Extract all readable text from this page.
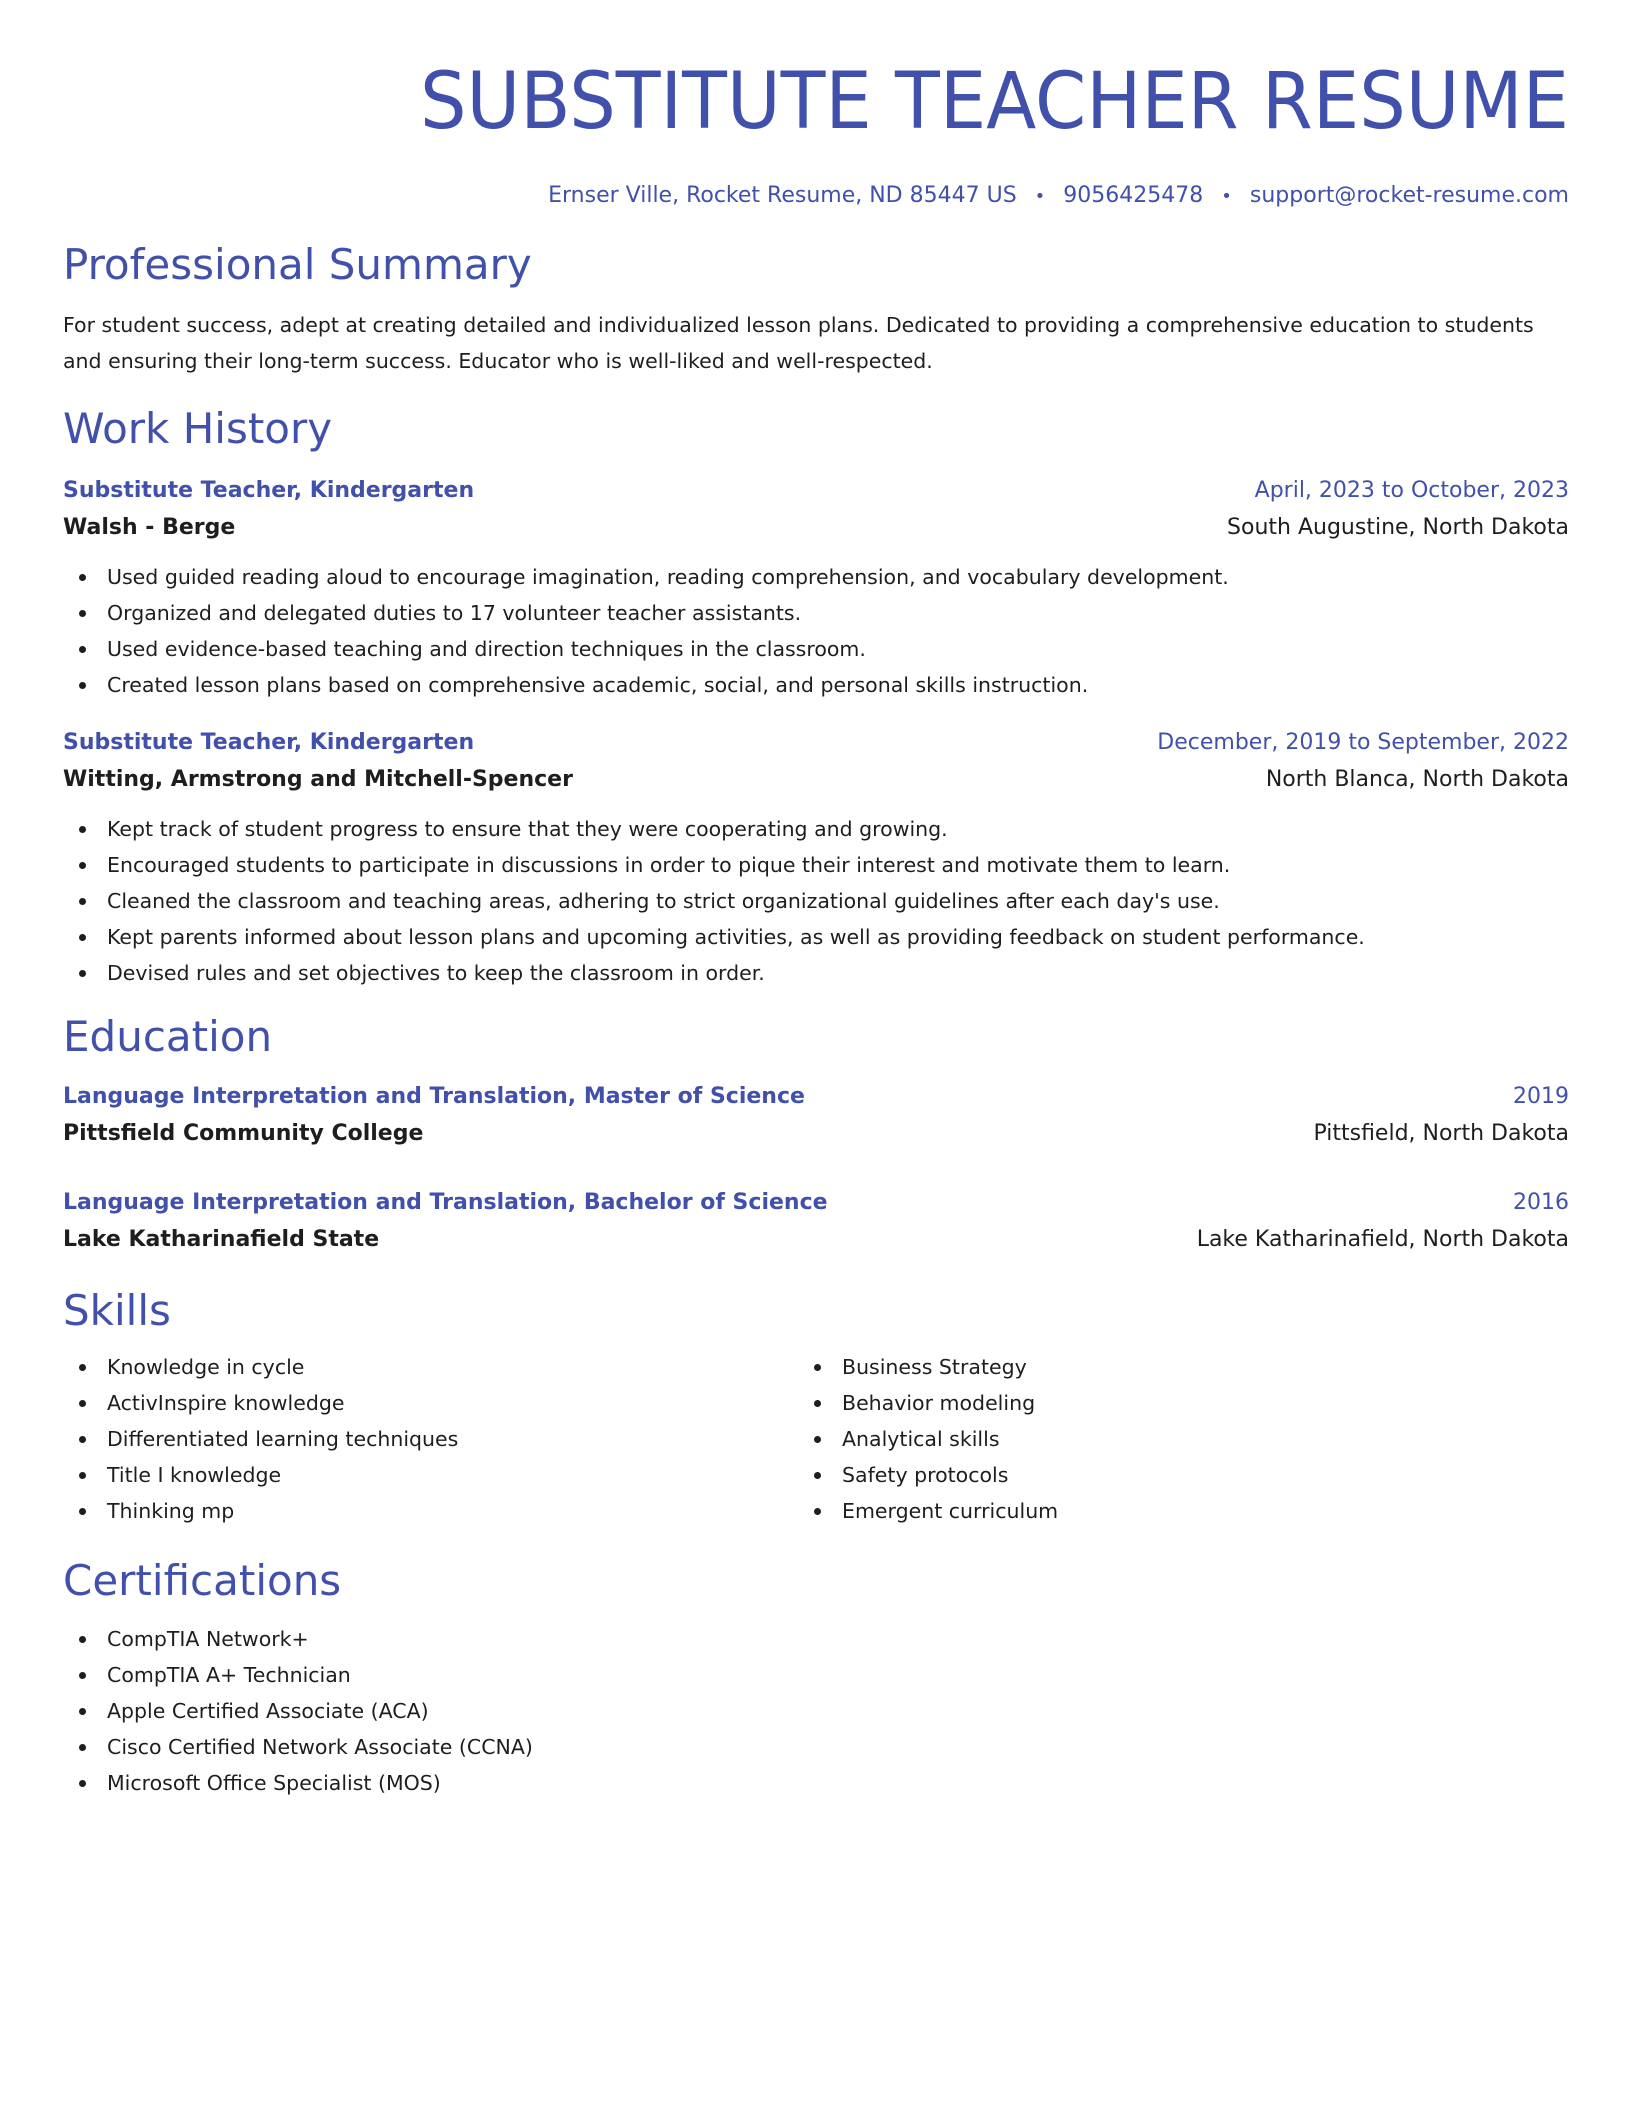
SUBSTITUTE TEACHER RESUME
Ernser Ville, Rocket Resume, ND 85447 US • 9056425478 • support@rocket-resume.com
Professional Summary
For student success, adept at creating detailed and individualized lesson plans. Dedicated to providing a comprehensive education to students and ensuring their long-term success. Educator who is well-liked and well-respected.
Work History
Substitute Teacher, Kindergarten	April, 2023 to October, 2023
Walsh - Berge	South Augustine, North Dakota
Used guided reading aloud to encourage imagination, reading comprehension, and vocabulary development.
Organized and delegated duties to 17 volunteer teacher assistants.
Used evidence-based teaching and direction techniques in the classroom.
Created lesson plans based on comprehensive academic, social, and personal skills instruction.
Substitute Teacher, Kindergarten	December, 2019 to September, 2022
Witting, Armstrong and Mitchell-Spencer	North Blanca, North Dakota
Kept track of student progress to ensure that they were cooperating and growing.
Encouraged students to participate in discussions in order to pique their interest and motivate them to learn.
Cleaned the classroom and teaching areas, adhering to strict organizational guidelines after each day's use.
Kept parents informed about lesson plans and upcoming activities, as well as providing feedback on student performance.
Devised rules and set objectives to keep the classroom in order.
Education
Language Interpretation and Translation, Master of Science	2019
Pittsfield Community College	Pittsfield, North Dakota
Language Interpretation and Translation, Bachelor of Science	2016
Lake Katharinafield State	Lake Katharinafield, North Dakota
Skills
Knowledge in cycle
ActivInspire knowledge
Differentiated learning techniques
Title I knowledge
Thinking mp
Business Strategy
Behavior modeling
Analytical skills
Safety protocols
Emergent curriculum
Certifications
CompTIA Network+
CompTIA A+ Technician
Apple Certified Associate (ACA)
Cisco Certified Network Associate (CCNA)
Microsoft Office Specialist (MOS)
